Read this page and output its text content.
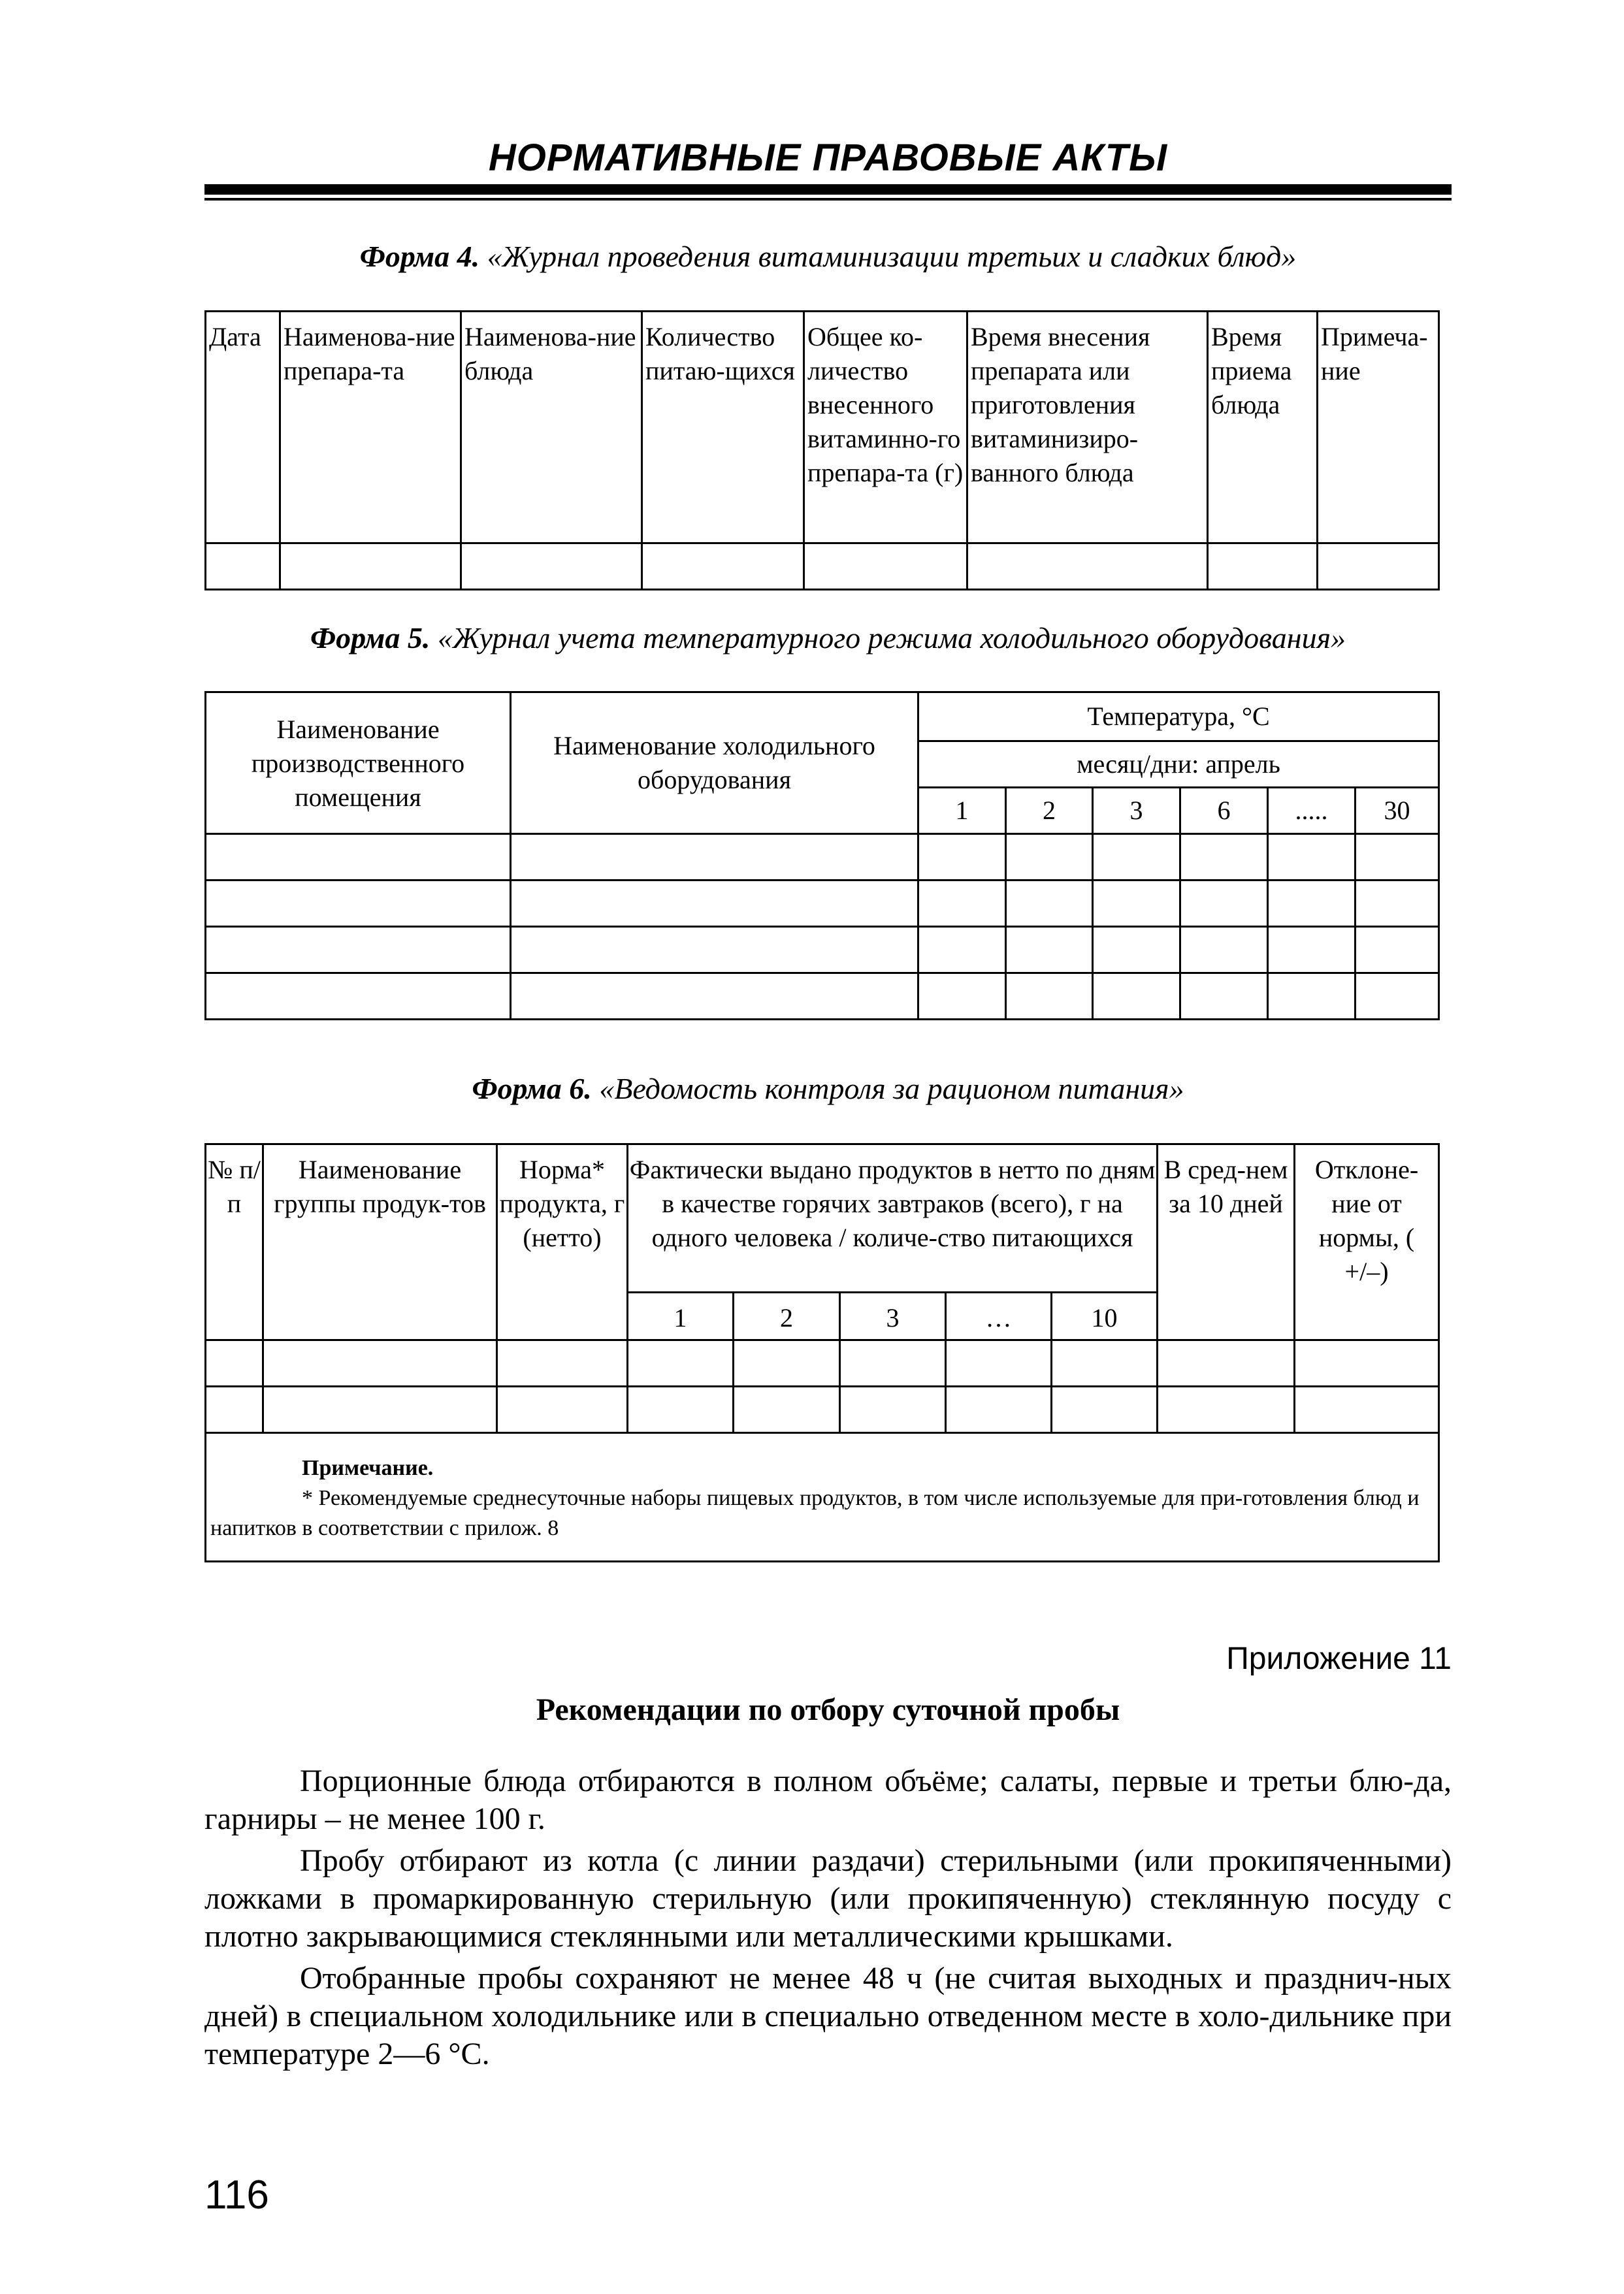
НОРМАТИВНЫЕ ПРАВОВЫЕ АКТЫ
Форма 4. «Журнал проведения витаминизации третьих и сладких блюд»
Дата	Наименова-ние препара-та	Наименова-ние блюда	Количество питаю-щихся	Общее ко-личество внесенного витаминно-го препара-та (г)	Время внесения препарата или приготовления витаминизиро-ванного блюда	Время приема блюда	Примеча-ние

Форма 5. «Журнал учета температурного режима холодильного оборудования»
Наименование производственного помещения	Наименование холодильного оборудования	Температура, °С					
		месяц/дни: апрель					
		1	2	3	6	.....	30

Форма 6. «Ведомость контроля за рационом питания»
№ п/п	Наименование группы продук-тов	Норма* продукта, г (нетто)	Фактически выдано продуктов в нетто по дням в качестве горячих завтраков (всего), г на одного человека / количе-ство питающихся					В сред-нем за 10 дней	Отклоне-ние от нормы, ( +/–)
			1	2	3	…	10		

Примечание.
* Рекомендуемые среднесуточные наборы пищевых продуктов, в том числе используемые для при-готовления блюд и напитков в соответствии с прилож. 8									
Приложение 11
Рекомендации по отбору суточной пробы

Порционные блюда отбираются в полном объёме; салаты, первые и третьи блю-да, гарниры – не менее 100 г.

Пробу отбирают из котла (с линии раздачи) стерильными (или прокипяченными) ложками в промаркированную стерильную (или прокипяченную) стеклянную посуду с плотно закрывающимися стеклянными или металлическими крышками.

Отобранные пробы сохраняют не менее 48 ч (не считая выходных и празднич-ных дней) в специальном холодильнике или в специально отведенном месте в холо-дильнике при температуре 2—6 °С.

116
